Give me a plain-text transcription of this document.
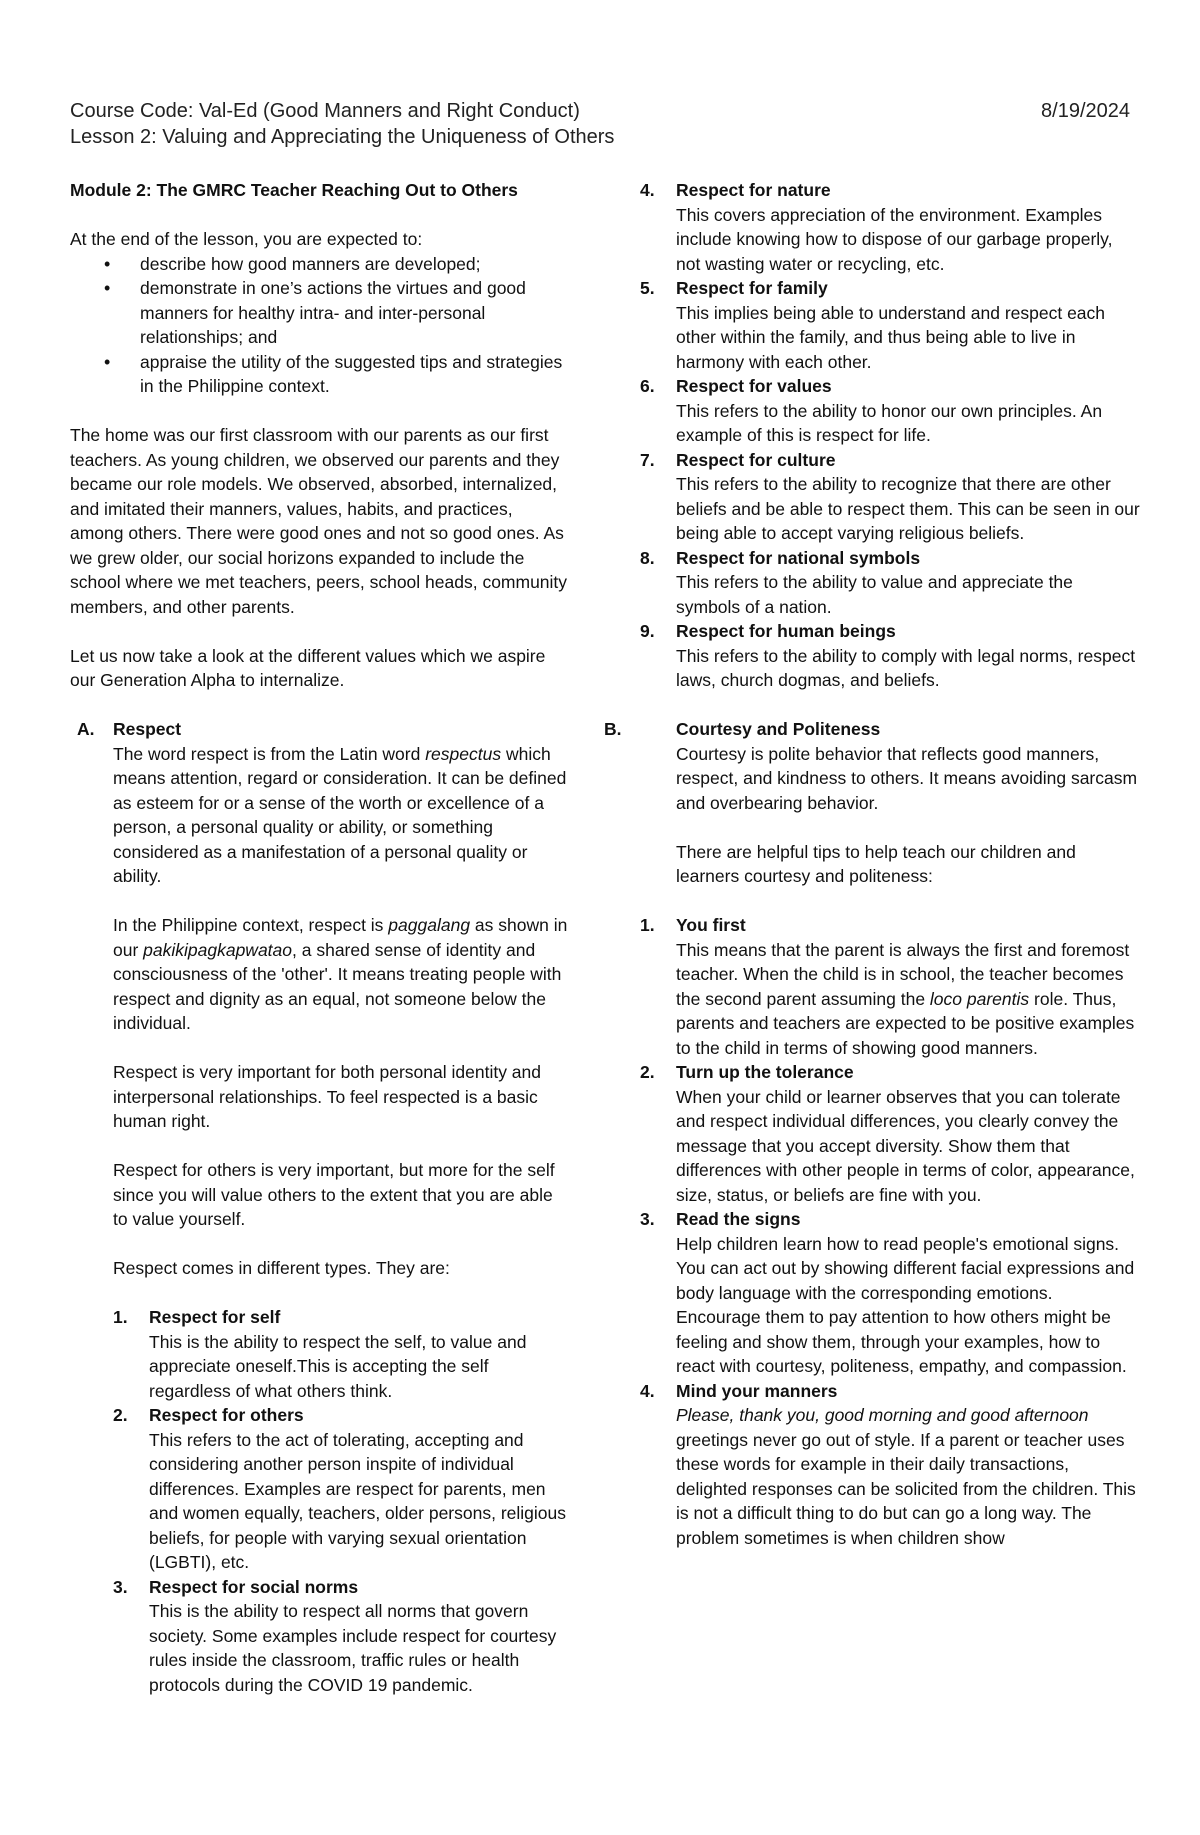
Course Code: Val-Ed (Good Manners and Right Conduct)	8/19/2024
Lesson 2: Valuing and Appreciating the Uniqueness of Others

Module 2: The GMRC Teacher Reaching Out to Others

At the end of the lesson, you are expected to:

• describe how good manners are developed;
• demonstrate in one’s actions the virtues and good manners for healthy intra- and inter-personal relationships; and
• appraise the utility of the suggested tips and strategies in the Philippine context.

The home was our first classroom with our parents as our first teachers. As young children, we observed our parents and they became our role models. We observed, absorbed, internalized, and imitated their manners, values, habits, and practices, among others. There were good ones and not so good ones. As we grew older, our social horizons expanded to include the school where we met teachers, peers, school heads, community members, and other parents.

Let us now take a look at the different values which we aspire our Generation Alpha to internalize.

A. Respect

The word respect is from the Latin word respectus which means attention, regard or consideration. It can be defined as esteem for or a sense of the worth or excellence of a person, a personal quality or ability, or something considered as a manifestation of a personal quality or ability.

In the Philippine context, respect is paggalang as shown in our pakikipagkapwatao, a shared sense of identity and consciousness of the 'other'. It means treating people with respect and dignity as an equal, not someone below the individual.

Respect is very important for both personal identity and interpersonal relationships. To feel respected is a basic human right.

Respect for others is very important, but more for the self since you will value others to the extent that you are able to value yourself.

Respect comes in different types. They are:

1. Respect for self

This is the ability to respect the self, to value and appreciate oneself.This is accepting the self regardless of what others think.

2. Respect for others

This refers to the act of tolerating, accepting and considering another person inspite of individual differences. Examples are respect for parents, men and women equally, teachers, older persons, religious beliefs, for people with varying sexual orientation (LGBTI), etc.

3. Respect for social norms

This is the ability to respect all norms that govern society. Some examples include respect for courtesy rules inside the classroom, traffic rules or health protocols during the COVID 19 pandemic.

4. Respect for nature

This covers appreciation of the environment. Examples include knowing how to dispose of our garbage properly, not wasting water or recycling, etc.

5. Respect for family

This implies being able to understand and respect each other within the family, and thus being able to live in harmony with each other.

6. Respect for values

This refers to the ability to honor our own principles. An example of this is respect for life.

7. Respect for culture

This refers to the ability to recognize that there are other beliefs and be able to respect them. This can be seen in our being able to accept varying religious beliefs.

8. Respect for national symbols

This refers to the ability to value and appreciate the symbols of a nation.

9. Respect for human beings

This refers to the ability to comply with legal norms, respect laws, church dogmas, and beliefs.

B.	Courtesy and Politeness

Courtesy is polite behavior that reflects good manners, respect, and kindness to others. It means avoiding sarcasm and overbearing behavior.

There are helpful tips to help teach our children and learners courtesy and politeness:

1. You first

This means that the parent is always the first and foremost teacher. When the child is in school, the teacher becomes the second parent assuming the loco parentis role. Thus, parents and teachers are expected to be positive examples to the child in terms of showing good manners.

2. Turn up the tolerance

When your child or learner observes that you can tolerate and respect individual differences, you clearly convey the message that you accept diversity. Show them that differences with other people in terms of color, appearance, size, status, or beliefs are fine with you.

3. Read the signs

Help children learn how to read people's emotional signs. You can act out by showing different facial expressions and body language with the corresponding emotions. Encourage them to pay attention to how others might be feeling and show them, through your examples, how to react with courtesy, politeness, empathy, and compassion.

4. Mind your manners

Please, thank you, good morning and good afternoon greetings never go out of style. If a parent or teacher uses these words for example in their daily transactions, delighted responses can be solicited from the children. This is not a difficult thing to do but can go a long way. The problem sometimes is when children show
